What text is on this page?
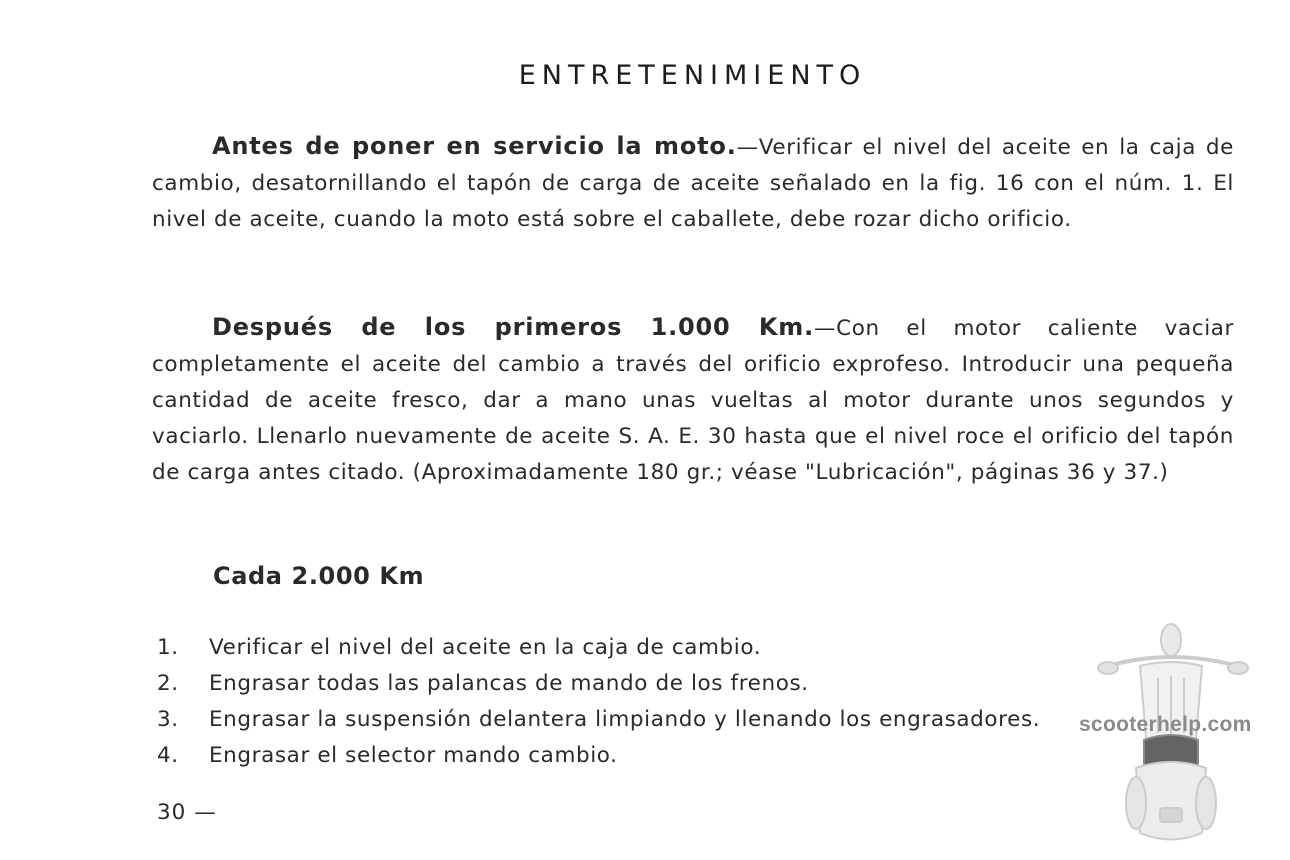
ENTRETENIMIENTO

Antes de poner en servicio la moto.—Verificar el nivel del aceite en la caja de cambio, desatornillando el tapón de carga de aceite señalado en la fig. 16 con el núm. 1. El nivel de aceite, cuando la moto está sobre el caballete, debe rozar dicho orificio.

Después de los primeros 1.000 Km.—Con el motor caliente vaciar completamente el aceite del cambio a través del orificio exprofeso. Introducir una pequeña cantidad de aceite fresco, dar a mano unas vueltas al motor durante unos segundos y vaciarlo. Llenarlo nuevamente de aceite S. A. E. 30 hasta que el nivel roce el orificio del tapón de carga antes citado. (Aproximadamente 180 gr.; véase "Lubricación", páginas 36 y 37.)

Cada 2.000 Km
1.	Verificar el nivel del aceite en la caja de cambio.
2.	Engrasar todas las palancas de mando de los frenos.
3.	Engrasar la suspensión delantera limpiando y llenando los engrasadores.
4.	Engrasar el selector mando cambio.
30 —
scooterhelp.com
